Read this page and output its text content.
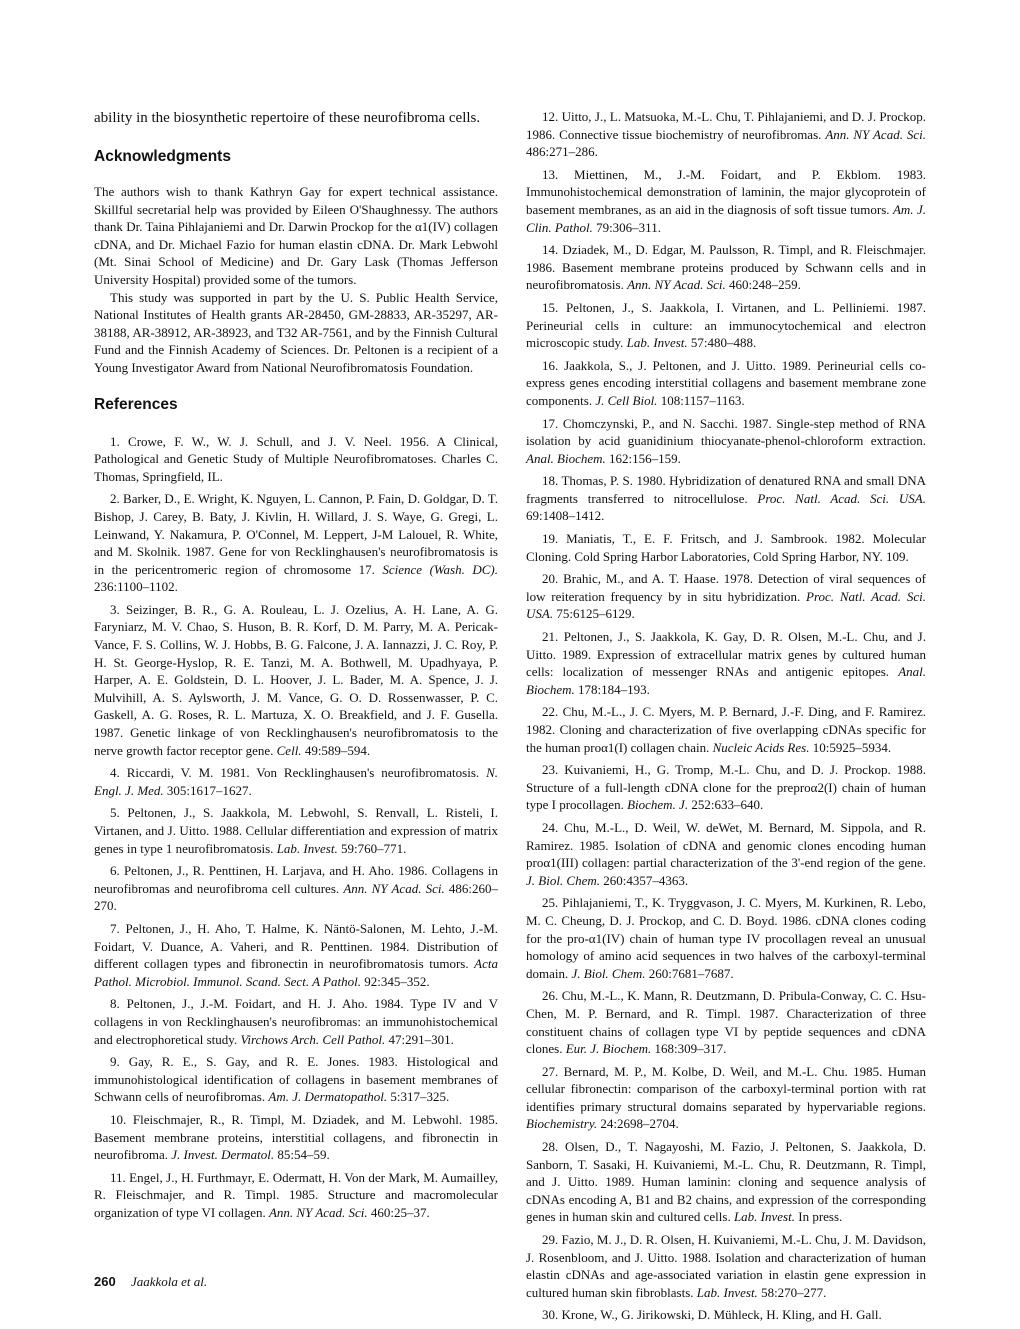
ability in the biosynthetic repertoire of these neurofibroma cells.

Acknowledgments

The authors wish to thank Kathryn Gay for expert technical assistance. Skillful secretarial help was provided by Eileen O'Shaughnessy. The authors thank Dr. Taina Pihlajaniemi and Dr. Darwin Prockop for the α1(IV) collagen cDNA, and Dr. Michael Fazio for human elastin cDNA. Dr. Mark Lebwohl (Mt. Sinai School of Medicine) and Dr. Gary Lask (Thomas Jefferson University Hospital) provided some of the tumors.

This study was supported in part by the U. S. Public Health Service, National Institutes of Health grants AR-28450, GM-28833, AR-35297, AR-38188, AR-38912, AR-38923, and T32 AR-7561, and by the Finnish Cultural Fund and the Finnish Academy of Sciences. Dr. Peltonen is a recipient of a Young Investigator Award from National Neurofibromatosis Foundation.

References

1. Crowe, F. W., W. J. Schull, and J. V. Neel. 1956. A Clinical, Pathological and Genetic Study of Multiple Neurofibromatoses. Charles C. Thomas, Springfield, IL.

2. Barker, D., E. Wright, K. Nguyen, L. Cannon, P. Fain, D. Goldgar, D. T. Bishop, J. Carey, B. Baty, J. Kivlin, H. Willard, J. S. Waye, G. Gregi, L. Leinwand, Y. Nakamura, P. O'Connel, M. Leppert, J-M Lalouel, R. White, and M. Skolnik. 1987. Gene for von Recklinghausen's neurofibromatosis is in the pericentromeric region of chromosome 17. Science (Wash. DC). 236:1100–1102.

3. Seizinger, B. R., G. A. Rouleau, L. J. Ozelius, A. H. Lane, A. G. Faryniarz, M. V. Chao, S. Huson, B. R. Korf, D. M. Parry, M. A. Pericak-Vance, F. S. Collins, W. J. Hobbs, B. G. Falcone, J. A. Iannazzi, J. C. Roy, P. H. St. George-Hyslop, R. E. Tanzi, M. A. Bothwell, M. Upadhyaya, P. Harper, A. E. Goldstein, D. L. Hoover, J. L. Bader, M. A. Spence, J. J. Mulvihill, A. S. Aylsworth, J. M. Vance, G. O. D. Rossenwasser, P. C. Gaskell, A. G. Roses, R. L. Martuza, X. O. Breakfield, and J. F. Gusella. 1987. Genetic linkage of von Recklinghausen's neurofibromatosis to the nerve growth factor receptor gene. Cell. 49:589–594.

4. Riccardi, V. M. 1981. Von Recklinghausen's neurofibromatosis. N. Engl. J. Med. 305:1617–1627.

5. Peltonen, J., S. Jaakkola, M. Lebwohl, S. Renvall, L. Risteli, I. Virtanen, and J. Uitto. 1988. Cellular differentiation and expression of matrix genes in type 1 neurofibromatosis. Lab. Invest. 59:760–771.

6. Peltonen, J., R. Penttinen, H. Larjava, and H. Aho. 1986. Collagens in neurofibromas and neurofibroma cell cultures. Ann. NY Acad. Sci. 486:260–270.

7. Peltonen, J., H. Aho, T. Halme, K. Näntö-Salonen, M. Lehto, J.-M. Foidart, V. Duance, A. Vaheri, and R. Penttinen. 1984. Distribution of different collagen types and fibronectin in neurofibromatosis tumors. Acta Pathol. Microbiol. Immunol. Scand. Sect. A Pathol. 92:345–352.

8. Peltonen, J., J.-M. Foidart, and H. J. Aho. 1984. Type IV and V collagens in von Recklinghausen's neurofibromas: an immunohistochemical and electrophoretical study. Virchows Arch. Cell Pathol. 47:291–301.

9. Gay, R. E., S. Gay, and R. E. Jones. 1983. Histological and immunohistological identification of collagens in basement membranes of Schwann cells of neurofibromas. Am. J. Dermatopathol. 5:317–325.

10. Fleischmajer, R., R. Timpl, M. Dziadek, and M. Lebwohl. 1985. Basement membrane proteins, interstitial collagens, and fibronectin in neurofibroma. J. Invest. Dermatol. 85:54–59.

11. Engel, J., H. Furthmayr, E. Odermatt, H. Von der Mark, M. Aumailley, R. Fleischmajer, and R. Timpl. 1985. Structure and macromolecular organization of type VI collagen. Ann. NY Acad. Sci. 460:25–37.

12. Uitto, J., L. Matsuoka, M.-L. Chu, T. Pihlajaniemi, and D. J. Prockop. 1986. Connective tissue biochemistry of neurofibromas. Ann. NY Acad. Sci. 486:271–286.

13. Miettinen, M., J.-M. Foidart, and P. Ekblom. 1983. Immunohistochemical demonstration of laminin, the major glycoprotein of basement membranes, as an aid in the diagnosis of soft tissue tumors. Am. J. Clin. Pathol. 79:306–311.

14. Dziadek, M., D. Edgar, M. Paulsson, R. Timpl, and R. Fleischmajer. 1986. Basement membrane proteins produced by Schwann cells and in neurofibromatosis. Ann. NY Acad. Sci. 460:248–259.

15. Peltonen, J., S. Jaakkola, I. Virtanen, and L. Pelliniemi. 1987. Perineurial cells in culture: an immunocytochemical and electron microscopic study. Lab. Invest. 57:480–488.

16. Jaakkola, S., J. Peltonen, and J. Uitto. 1989. Perineurial cells co-express genes encoding interstitial collagens and basement membrane zone components. J. Cell Biol. 108:1157–1163.

17. Chomczynski, P., and N. Sacchi. 1987. Single-step method of RNA isolation by acid guanidinium thiocyanate-phenol-chloroform extraction. Anal. Biochem. 162:156–159.

18. Thomas, P. S. 1980. Hybridization of denatured RNA and small DNA fragments transferred to nitrocellulose. Proc. Natl. Acad. Sci. USA. 69:1408–1412.

19. Maniatis, T., E. F. Fritsch, and J. Sambrook. 1982. Molecular Cloning. Cold Spring Harbor Laboratories, Cold Spring Harbor, NY. 109.

20. Brahic, M., and A. T. Haase. 1978. Detection of viral sequences of low reiteration frequency by in situ hybridization. Proc. Natl. Acad. Sci. USA. 75:6125–6129.

21. Peltonen, J., S. Jaakkola, K. Gay, D. R. Olsen, M.-L. Chu, and J. Uitto. 1989. Expression of extracellular matrix genes by cultured human cells: localization of messenger RNAs and antigenic epitopes. Anal. Biochem. 178:184–193.

22. Chu, M.-L., J. C. Myers, M. P. Bernard, J.-F. Ding, and F. Ramirez. 1982. Cloning and characterization of five overlapping cDNAs specific for the human proα1(I) collagen chain. Nucleic Acids Res. 10:5925–5934.

23. Kuivaniemi, H., G. Tromp, M.-L. Chu, and D. J. Prockop. 1988. Structure of a full-length cDNA clone for the preproα2(I) chain of human type I procollagen. Biochem. J. 252:633–640.

24. Chu, M.-L., D. Weil, W. deWet, M. Bernard, M. Sippola, and R. Ramirez. 1985. Isolation of cDNA and genomic clones encoding human proα1(III) collagen: partial characterization of the 3'-end region of the gene. J. Biol. Chem. 260:4357–4363.

25. Pihlajaniemi, T., K. Tryggvason, J. C. Myers, M. Kurkinen, R. Lebo, M. C. Cheung, D. J. Prockop, and C. D. Boyd. 1986. cDNA clones coding for the pro-α1(IV) chain of human type IV procollagen reveal an unusual homology of amino acid sequences in two halves of the carboxyl-terminal domain. J. Biol. Chem. 260:7681–7687.

26. Chu, M.-L., K. Mann, R. Deutzmann, D. Pribula-Conway, C. C. Hsu-Chen, M. P. Bernard, and R. Timpl. 1987. Characterization of three constituent chains of collagen type VI by peptide sequences and cDNA clones. Eur. J. Biochem. 168:309–317.

27. Bernard, M. P., M. Kolbe, D. Weil, and M.-L. Chu. 1985. Human cellular fibronectin: comparison of the carboxyl-terminal portion with rat identifies primary structural domains separated by hypervariable regions. Biochemistry. 24:2698–2704.

28. Olsen, D., T. Nagayoshi, M. Fazio, J. Peltonen, S. Jaakkola, D. Sanborn, T. Sasaki, H. Kuivaniemi, M.-L. Chu, R. Deutzmann, R. Timpl, and J. Uitto. 1989. Human laminin: cloning and sequence analysis of cDNAs encoding A, B1 and B2 chains, and expression of the corresponding genes in human skin and cultured cells. Lab. Invest. In press.

29. Fazio, M. J., D. R. Olsen, H. Kuivaniemi, M.-L. Chu, J. M. Davidson, J. Rosenbloom, and J. Uitto. 1988. Isolation and characterization of human elastin cDNAs and age-associated variation in elastin gene expression in cultured human skin fibroblasts. Lab. Invest. 58:270–277.

30. Krone, W., G. Jirikowski, D. Mühleck, H. Kling, and H. Gall.

260 Jaakkola et al.
